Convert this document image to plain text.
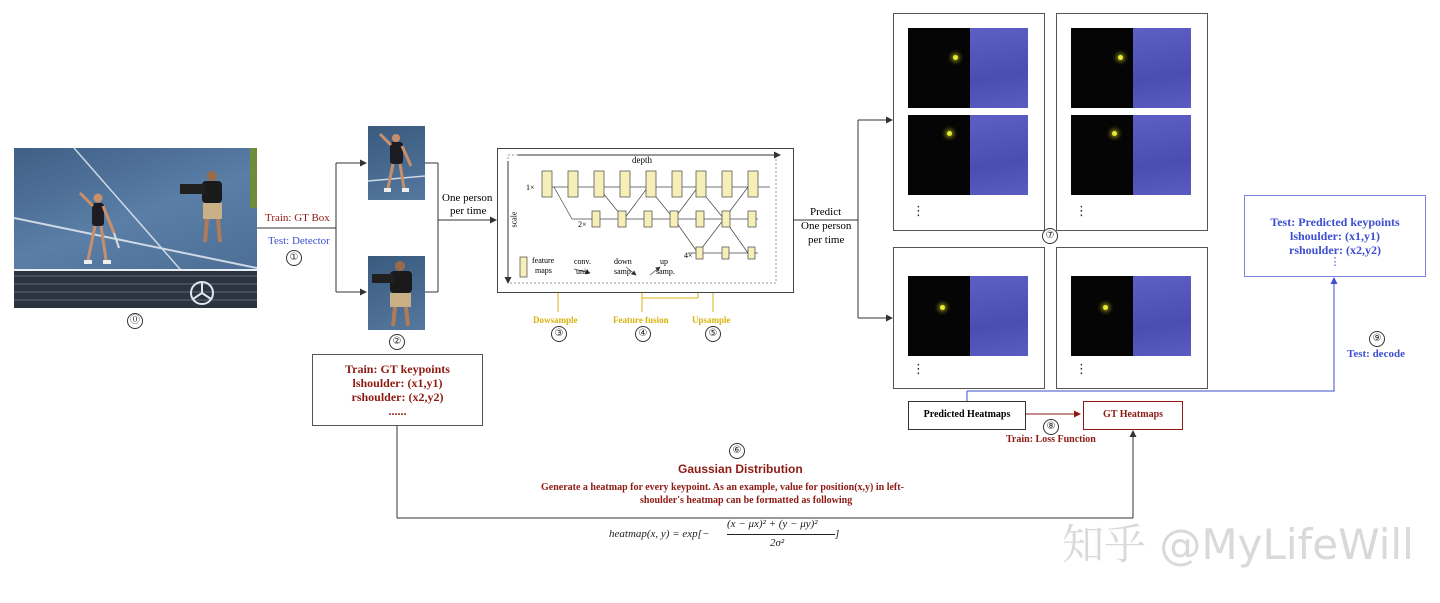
⓪
Train: GT Box
Test: Detector
①
②
One person
per time
Train: GT keypoints
lshoulder: (x1,y1)
rshoulder: (x2,y2)
......
depth
scale
1×
2×
4×
feature
maps
conv.
unit
down
samp.
up
samp.
Dowsample	Feature fusion	Upsample
③	④	⑤
Predict
One person
per time
⋮	⋮
⑦
⋮	⋮
Predicted Heatmaps	GT Heatmaps
⑧
Train: Loss Function
Test: Predicted keypoints
lshoulder: (x1,y1)
rshoulder: (x2,y2)
⋮
⑨
Test: decode
⑥
Gaussian Distribution
Generate a heatmap for every keypoint. As an example, value for position(x,y) in left-
shoulder's heatmap can be formatted as following
heatmap(x, y) = exp[−
(x − μx)² + (y − μy)²
2σ²
]	知乎 @MyLifeWill
